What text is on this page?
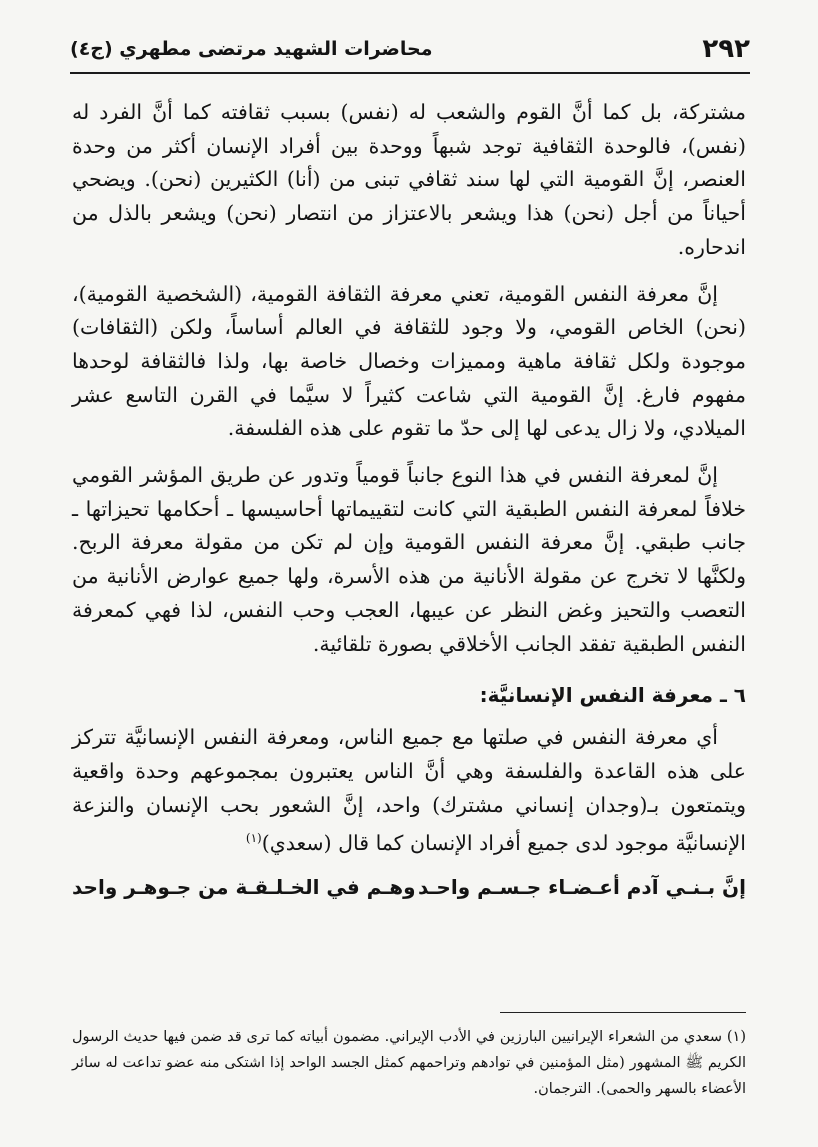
٢٩٢
محاضرات الشهيد مرتضى مطهري (ج٤)

مشتركة، بل كما أنَّ القوم والشعب له (نفس) بسبب ثقافته كما أنَّ الفرد له (نفس)، فالوحدة الثقافية توجد شبهاً ووحدة بين أفراد الإنسان أكثر من وحدة العنصر، إنَّ القومية التي لها سند ثقافي تبنى من (أنا) الكثيرين (نحن). ويضحي أحياناً من أجل (نحن) هذا ويشعر بالاعتزاز من انتصار (نحن) ويشعر بالذل من اندحاره.

إنَّ معرفة النفس القومية، تعني معرفة الثقافة القومية، (الشخصية القومية)، (نحن) الخاص القومي، ولا وجود للثقافة في العالم أساساً، ولكن (الثقافات) موجودة ولكل ثقافة ماهية ومميزات وخصال خاصة بها، ولذا فالثقافة لوحدها مفهوم فارغ. إنَّ القومية التي شاعت كثيراً لا سيَّما في القرن التاسع عشر الميلادي، ولا زال يدعى لها إلى حدّ ما تقوم على هذه الفلسفة.

إنَّ لمعرفة النفس في هذا النوع جانباً قومياً وتدور عن طريق المؤشر القومي خلافاً لمعرفة النفس الطبقية التي كانت لتقييماتها أحاسيسها ـ أحكامها تحيزاتها ـ جانب طبقي. إنَّ معرفة النفس القومية وإن لم تكن من مقولة معرفة الربح. ولكنَّها لا تخرج عن مقولة الأنانية من هذه الأسرة، ولها جميع عوارض الأنانية من التعصب والتحيز وغض النظر عن عيبها، العجب وحب النفس، لذا فهي كمعرفة النفس الطبقية تفقد الجانب الأخلاقي بصورة تلقائية.

٦ ـ معرفة النفس الإنسانيَّة:

أي معرفة النفس في صلتها مع جميع الناس، ومعرفة النفس الإنسانيَّة تتركز على هذه القاعدة والفلسفة وهي أنَّ الناس يعتبرون بمجموعهم وحدة واقعية ويتمتعون بـ(وجدان إنساني مشترك) واحد، إنَّ الشعور بحب الإنسان والنزعة الإنسانيَّة موجود لدى جميع أفراد الإنسان كما قال (سعدي)$^{(١)}$

إنَّ بـنـي آدم أعـضـاء جـسـم واحـد
وهـم في الخـلـقـة من جـوهـر واحد
(١) سعدي من الشعراء الإيرانيين البارزين في الأدب الإيراني. مضمون أبياته كما ترى قد ضمن فيها حديث الرسول الكريم ﷺ المشهور (مثل المؤمنين في توادهم وتراحمهم كمثل الجسد الواحد إذا اشتكى منه عضو تداعت له سائر الأعضاء بالسهر والحمى). الترجمان.
